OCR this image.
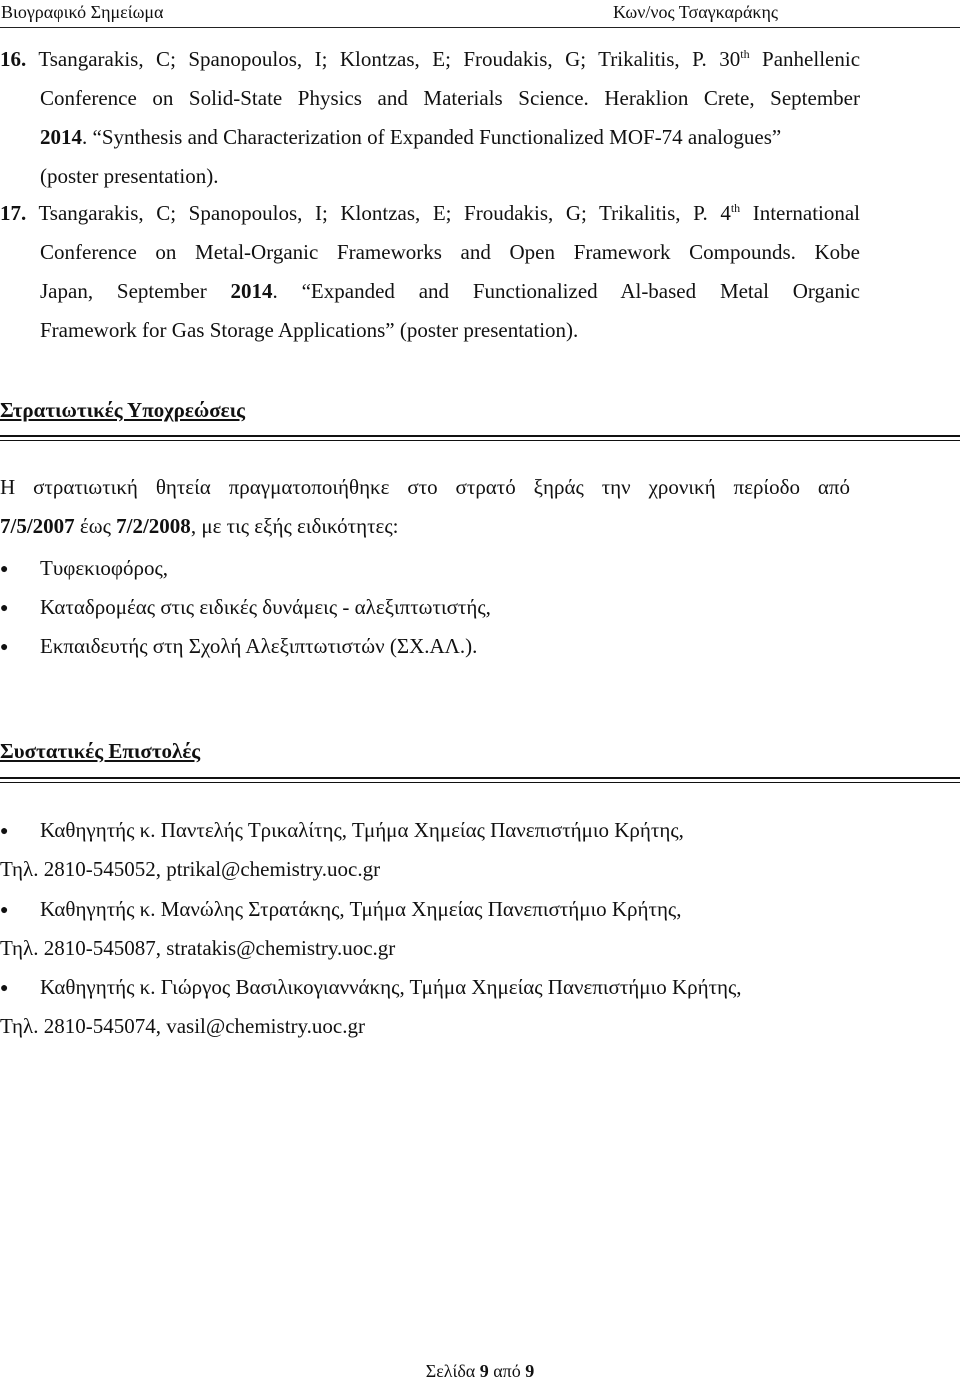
Βιογραφικό Σημείωμα	Κων/νος Τσαγκαράκης
16. Tsangarakis, C; Spanopoulos, I; Klontzas, E; Froudakis, G; Trikalitis, P. 30th Panhellenic
Conference on Solid-State Physics and Materials Science. Heraklion Crete, September
2014. “Synthesis and Characterization of Expanded Functionalized MOF-74 analogues”
(poster presentation).
17. Tsangarakis, C; Spanopoulos, I; Klontzas, E; Froudakis, G; Trikalitis, P. 4th International
Conference on Metal-Organic Frameworks and Open Framework Compounds. Kobe
Japan, September 2014. “Expanded and Functionalized Al-based Metal Organic
Framework for Gas Storage Applications” (poster presentation).
Στρατιωτικές Υποχρεώσεις
Η στρατιωτική θητεία πραγματοποιήθηκε στο στρατό ξηράς την χρονική περίοδο από
7/5/2007 έως 7/2/2008, με τις εξής ειδικότητες:
● Τυφεκιοφόρος,
● Καταδρομέας στις ειδικές δυνάμεις - αλεξιπτωτιστής,
● Εκπαιδευτής στη Σχολή Αλεξιπτωτιστών (ΣΧ.ΑΛ.).
Συστατικές Επιστολές
● Καθηγητής κ. Παντελής Τρικαλίτης, Τμήμα Χημείας Πανεπιστήμιο Κρήτης,
Τηλ. 2810-545052, ptrikal@chemistry.uoc.gr
● Καθηγητής κ. Μανώλης Στρατάκης, Τμήμα Χημείας Πανεπιστήμιο Κρήτης,
Τηλ. 2810-545087, stratakis@chemistry.uoc.gr
● Καθηγητής κ. Γιώργος Βασιλικογιαννάκης, Τμήμα Χημείας Πανεπιστήμιο Κρήτης,
Τηλ. 2810-545074, vasil@chemistry.uoc.gr
Σελίδα 9 από 9
